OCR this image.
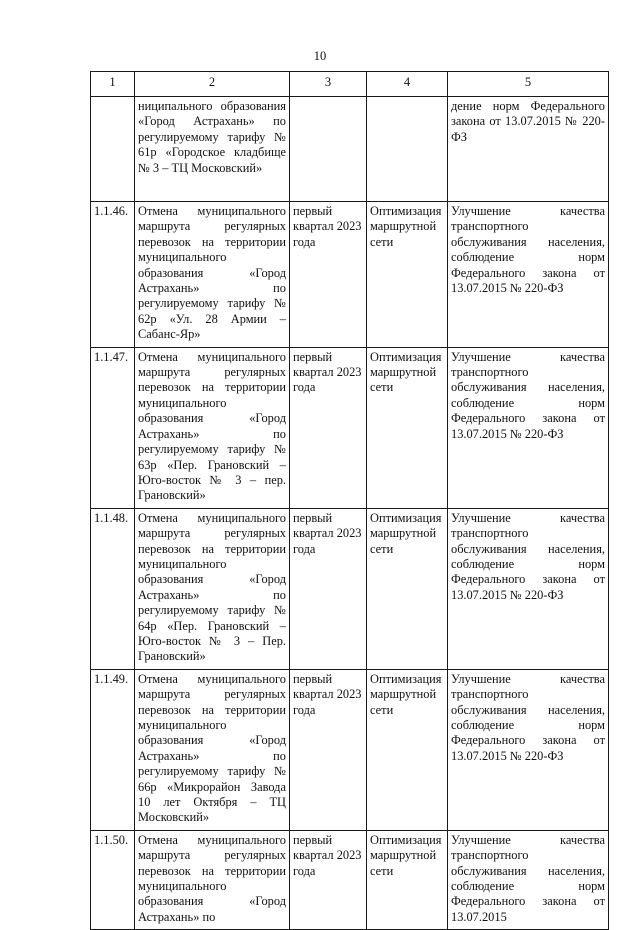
10

1	2	3	4	5
	ниципального образования «Город Астрахань» по регулируемому тарифу № 61р «Городское кладбище № 3 – ТЦ Московский»			дение норм Федерального закона от 13.07.2015 № 220-ФЗ
1.1.46.	Отмена муниципального маршрута регулярных перевозок на территории муниципального образования «Город Астрахань» по регулируемому тарифу № 62р «Ул. 28 Армии – Сабанс-Яр»	первый квартал 2023 года	Оптимизация маршрутной сети	Улучшение качества транспортного обслуживания населения, соблюдение норм Федерального закона от 13.07.2015 № 220-ФЗ
1.1.47.	Отмена муниципального маршрута регулярных перевозок на территории муниципального образования «Город Астрахань» по регулируемому тарифу № 63р «Пер. Грановский – Юго-восток № 3 – пер. Грановский»	первый квартал 2023 года	Оптимизация маршрутной сети	Улучшение качества транспортного обслуживания населения, соблюдение норм Федерального закона от 13.07.2015 № 220-ФЗ
1.1.48.	Отмена муниципального маршрута регулярных перевозок на территории муниципального образования «Город Астрахань» по регулируемому тарифу № 64р «Пер. Грановский – Юго-восток № 3 – Пер. Грановский»	первый квартал 2023 года	Оптимизация маршрутной сети	Улучшение качества транспортного обслуживания населения, соблюдение норм Федерального закона от 13.07.2015 № 220-ФЗ
1.1.49.	Отмена муниципального маршрута регулярных перевозок на территории муниципального образования «Город Астрахань» по регулируемому тарифу № 66р «Микрорайон Завода 10 лет Октября – ТЦ Московский»	первый квартал 2023 года	Оптимизация маршрутной сети	Улучшение качества транспортного обслуживания населения, соблюдение норм Федерального закона от 13.07.2015 № 220-ФЗ
1.1.50.	Отмена муниципального маршрута регулярных перевозок на территории муниципального образования «Город Астрахань» по	первый квартал 2023 года	Оптимизация маршрутной сети	Улучшение качества транспортного обслуживания населения, соблюдение норм Федерального закона от 13.07.2015
